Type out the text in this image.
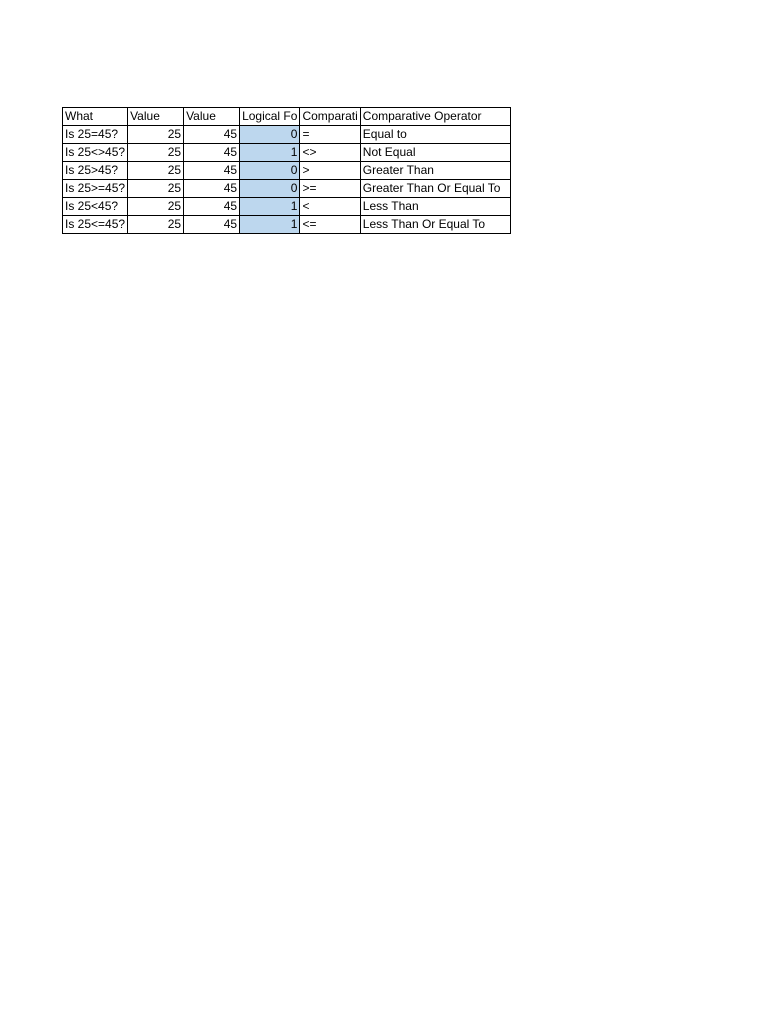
What	Value	Value	Logical Fo	Comparati	Comparative Operator
Is 25=45?	25	45	0	=	Equal to
Is 25<>45?	25	45	1	<>	Not Equal
Is 25>45?	25	45	0	>	Greater Than
Is 25>=45?	25	45	0	>=	Greater Than Or Equal To
Is 25<45?	25	45	1	<	Less Than
Is 25<=45?	25	45	1	<=	Less Than Or Equal To
